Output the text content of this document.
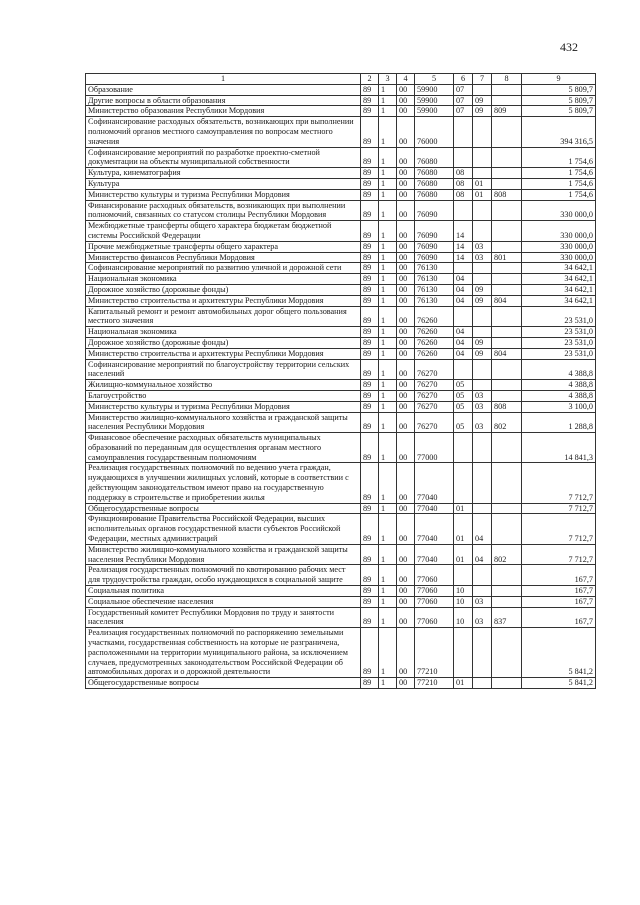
432
1	2	3	4	5	6	7	8	9
Образование	89	1	00	59900	07			5 809,7
Другие вопросы в области образования	89	1	00	59900	07	09		5 809,7
Министерство образования Республики Мордовия	89	1	00	59900	07	09	809	5 809,7
Софинансирование расходных обязательств, возникающих при выполнении полномочий органов местного самоуправления по вопросам местного значения	89	1	00	76000				394 316,5
Софинансирование мероприятий по разработке проектно-сметной документации на объекты муниципальной собственности	89	1	00	76080				1 754,6
Культура, кинематография	89	1	00	76080	08			1 754,6
Культура	89	1	00	76080	08	01		1 754,6
Министерство культуры и туризма Республики Мордовия	89	1	00	76080	08	01	808	1 754,6
Финансирование расходных обязательств, возникающих при выполнении полномочий, связанных со статусом столицы Республики Мордовия	89	1	00	76090				330 000,0
Межбюджетные трансферты общего характера бюджетам бюджетной системы Российской Федерации	89	1	00	76090	14			330 000,0
Прочие межбюджетные трансферты общего характера	89	1	00	76090	14	03		330 000,0
Министерство финансов Республики Мордовия	89	1	00	76090	14	03	801	330 000,0
Софинансирование мероприятий по развитию уличной и дорожной сети	89	1	00	76130				34 642,1
Национальная экономика	89	1	00	76130	04			34 642,1
Дорожное хозяйство (дорожные фонды)	89	1	00	76130	04	09		34 642,1
Министерство строительства и архитектуры Республики Мордовия	89	1	00	76130	04	09	804	34 642,1
Капитальный ремонт и ремонт автомобильных дорог общего пользования местного значения	89	1	00	76260				23 531,0
Национальная экономика	89	1	00	76260	04			23 531,0
Дорожное хозяйство (дорожные фонды)	89	1	00	76260	04	09		23 531,0
Министерство строительства и архитектуры Республики Мордовия	89	1	00	76260	04	09	804	23 531,0
Софинансирование мероприятий по благоустройству территории сельских населений	89	1	00	76270				4 388,8
Жилищно-коммунальное хозяйство	89	1	00	76270	05			4 388,8
Благоустройство	89	1	00	76270	05	03		4 388,8
Министерство культуры и туризма Республики Мордовия	89	1	00	76270	05	03	808	3 100,0
Министерство жилищно-коммунального хозяйства и гражданской защиты населения Республики Мордовия	89	1	00	76270	05	03	802	1 288,8
Финансовое обеспечение расходных обязательств муниципальных образований по переданным для осуществления органам местного самоуправления государственным полномочиям	89	1	00	77000				14 841,3
Реализация государственных полномочий по ведению учета граждан, нуждающихся в улучшении жилищных условий, которые в соответствии с действующим законодательством имеют право на государственную поддержку в строительстве и приобретении жилья	89	1	00	77040				7 712,7
Общегосударственные вопросы	89	1	00	77040	01			7 712,7
Функционирование Правительства Российской Федерации, высших исполнительных органов государственной власти субъектов Российской Федерации, местных администраций	89	1	00	77040	01	04		7 712,7
Министерство жилищно-коммунального хозяйства и гражданской защиты населения Республики Мордовия	89	1	00	77040	01	04	802	7 712,7
Реализация государственных полномочий по квотированию рабочих мест для трудоустройства граждан, особо нуждающихся в социальной защите	89	1	00	77060				167,7
Социальная политика	89	1	00	77060	10			167,7
Социальное обеспечение населения	89	1	00	77060	10	03		167,7
Государственный комитет Республики Мордовия по труду и занятости населения	89	1	00	77060	10	03	837	167,7
Реализация государственных полномочий по распоряжению земельными участками, государственная собственность на которые не разграничена, расположенными на территории муниципального района, за исключением случаев, предусмотренных законодательством Российской Федерации об автомобильных дорогах и о дорожной деятельности	89	1	00	77210				5 841,2
Общегосударственные вопросы	89	1	00	77210	01			5 841,2
